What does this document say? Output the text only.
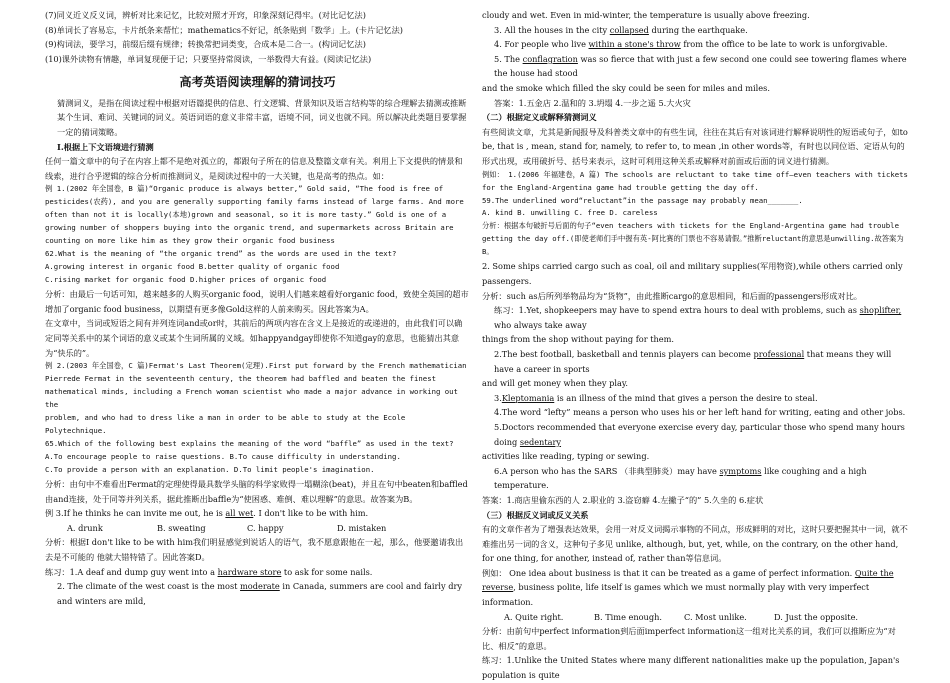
(7)同义近义反义词，辨析对比来记忆，比较对照才开窍，印象深刻记得牢。(对比记忆法)

(8)单词长了容易忘，卡片纸条来帮忙；mathematics不好记，纸条贴到「数学」上。(卡片记忆法)

(9)构词法，要学习，前缀后缀有规律；转换常把词类变，合成本是二合一。(构词记忆法)

(10)课外读物有情趣，单词复现便于记；只要坚持常阅读，一举数得大有益。(阅读记忆法)

高考英语阅读理解的猜词技巧

猜测词义，是指在阅读过程中根据对语篇提供的信息、行文逻辑、背景知识及语言结构等的综合理解去猜测或推断某个生词、难词、关键词的词义。英语词语的意义非常丰富，语境不同，词义也就不同。所以解决此类题目要掌握一定的猜词策略。

I.根据上下文语境进行猜测

任何一篇文章中的句子在内容上都不是绝对孤立的，都跟句子所在的信息及整篇文章有关。利用上下文提供的情景和线索，进行合乎逻辑的综合分析而推测词义，是阅读过程中的一大关键，也是高考的热点。如：

例 1.(2002 年全国卷，B 篇)“Organic produce is always better,” Gold said, “The food is free of

pesticides(农药), and you are generally supporting family farms instead of large farms. And more

often than not it is locally(本地)grown and seasonal, so it is more tasty.” Gold is one of a

growing number of shoppers buying into the organic trend, and supermarkets across Britain are

counting on more like him as they grow their organic food business

62.What is the meaning of “the organic trend” as the words are used in the text?

A.growing interest in organic food B.better quality of organic food

C.rising market for organic food D.higher prices of organic food

分析：由最后一句话可知，越来越多的人购买organic food，说明人们越来越看好organic food，致使全英国的超市增加了organic food business，以期望有更多像Gold这样的人前来购买。因此答案为A。

在文章中，当词或短语之间有并列连词and或or时，其前后的两项内容在含义上是接近的或递进的，由此我们可以确定同等关系中的某个词语的意义或某个生词所属的义域。如happyandgay即使你不知道gay的意思，也能猜出其意为“快乐的”。

例 2.(2003 年全国卷，C 篇)Fermat's Last Theorem(定理).First put forward by the French mathematician

Pierrede Fermat in the seventeenth century, the theorem had baffled and beaten the finest

mathematical minds, including a French woman scientist who made a major advance in working out the

problem, and who had to dress like a man in order to be able to study at the Ecole Polytechnique.

65.Which of the following best explains the meaning of the word “baffle” as used in the text?

A.To encourage people to raise questions. B.To cause difficulty in understanding.

C.To provide a person with an explanation. D.To limit people's imagination.

分析：由句中不难看出Fermat的定理使得最具数学头脑的科学家败得一塌糊涂(beat)，并且在句中beaten和baffled由and连接，处于同等并列关系，据此推断出baffle为“使困惑、难倒、难以理解”的意思。故答案为B。

例 3.If he thinks he can invite me out, he is all wet. I don't like to be with him.

A. drunk	B. sweating	C. happy	D. mistaken

分析：根据I don't like to be with him我们明显感觉到说话人的语气，我不愿意跟他在一起，那么，他要邀请我出去是不可能的 他就大错特错了。因此答案D。

练习：1.A deaf and dump guy went into a hardware store to ask for some nails.

2. The climate of the west coast is the most moderate in Canada, summers are cool and fairly dry and winters are mild,

cloudy and wet. Even in mid-winter, the temperature is usually above freezing.

3. All the houses in the city collapsed during the earthquake.

4. For people who live within a stone's throw from the office to be late to work is unforgivable.

5. The conflagration was so fierce that with just a few second one could see towering flames where the house had stood

and the smoke which filled the sky could be seen for miles and miles.

答案：1.五金店 2.温和的 3.坍塌 4.一步之遥 5.大火灾

（二）根据定义或解释猜测词义

有些阅读文章，尤其是新闻报导及科普类文章中的有些生词，往往在其后有对该词进行解释说明性的短语或句子，如to be, that is , mean, stand for, namely, to refer to, to mean ,in other words等，有时也以同位语、定语从句的形式出现，或用破折号、括号来表示，这时可利用这种关系或解释对前面或后面的词义进行猜测。

例如： 1.(2006 年福建卷，A 篇) The schools are reluctant to take time off—even teachers with tickets

for the England-Argentina game had trouble getting the day off.

59.The underlined word“reluctant”in the passage may probably mean_______.

A. kind B. unwilling C. free D. careless

分析：根据本句破折号后面的句子“even teachers with tickets for the England-Argentina game had trouble getting the day off.(即使老师们手中握有英-阿比赛的门票也不容易请假。”推断reluctant的意思是unwilling.故答案为B。

2. Some ships carried cargo such as coal, oil and military supplies(军用物资),while others carried only passengers.

分析：such as后所列举物品均为“货物”，由此推断cargo的意思相同，和后面的passengers形成对比。

练习：1.Yet, shopkeepers may have to spend extra hours to deal with problems, such as shoplifter, who always take away

things from the shop without paying for them.

2.The best football, basketball and tennis players can become professional that means they will have a career in sports

and will get money when they play.

3.Kleptomania is an illness of the mind that gives a person the desire to steal.

4.The word “lefty” means a person who uses his or her left hand for writing, eating and other jobs.

5.Doctors recommended that everyone exercise every day, particular those who spend many hours doing sedentary

activities like reading, typing or sewing.

6.A person who has the SARS （非典型肺炎）may have symptoms like coughing and a high temperature.

答案：1.商店里偷东西的人 2.职业的 3.盗窃癖 4.左撇子“的” 5.久坐的 6.症状

（三）根据反义词或反义关系

有的文章作者为了增强表达效果，会用一对反义词揭示事物的不同点，形成鲜明的对比，这时只要把握其中一词，就不难推出另一词的含义，这种句子多见 unlike, although, but, yet, while, on the contrary, on the other hand, for one thing, for another, instead of, rather than等信息词。

例如： One idea about business is that it can be treated as a game of perfect information. Quite the reverse, business polite, life itself is games which we must normally play with very imperfect information.

A. Quite right.	B. Time enough.	C. Most unlike.	D. Just the opposite.

分析：由前句中perfect information到后面imperfect information这一组对比关系的词，我们可以推断应为“对比、相反”的意思。

练习：1.Unlike the United States where many different nationalities make up the population, Japan's population is quite
